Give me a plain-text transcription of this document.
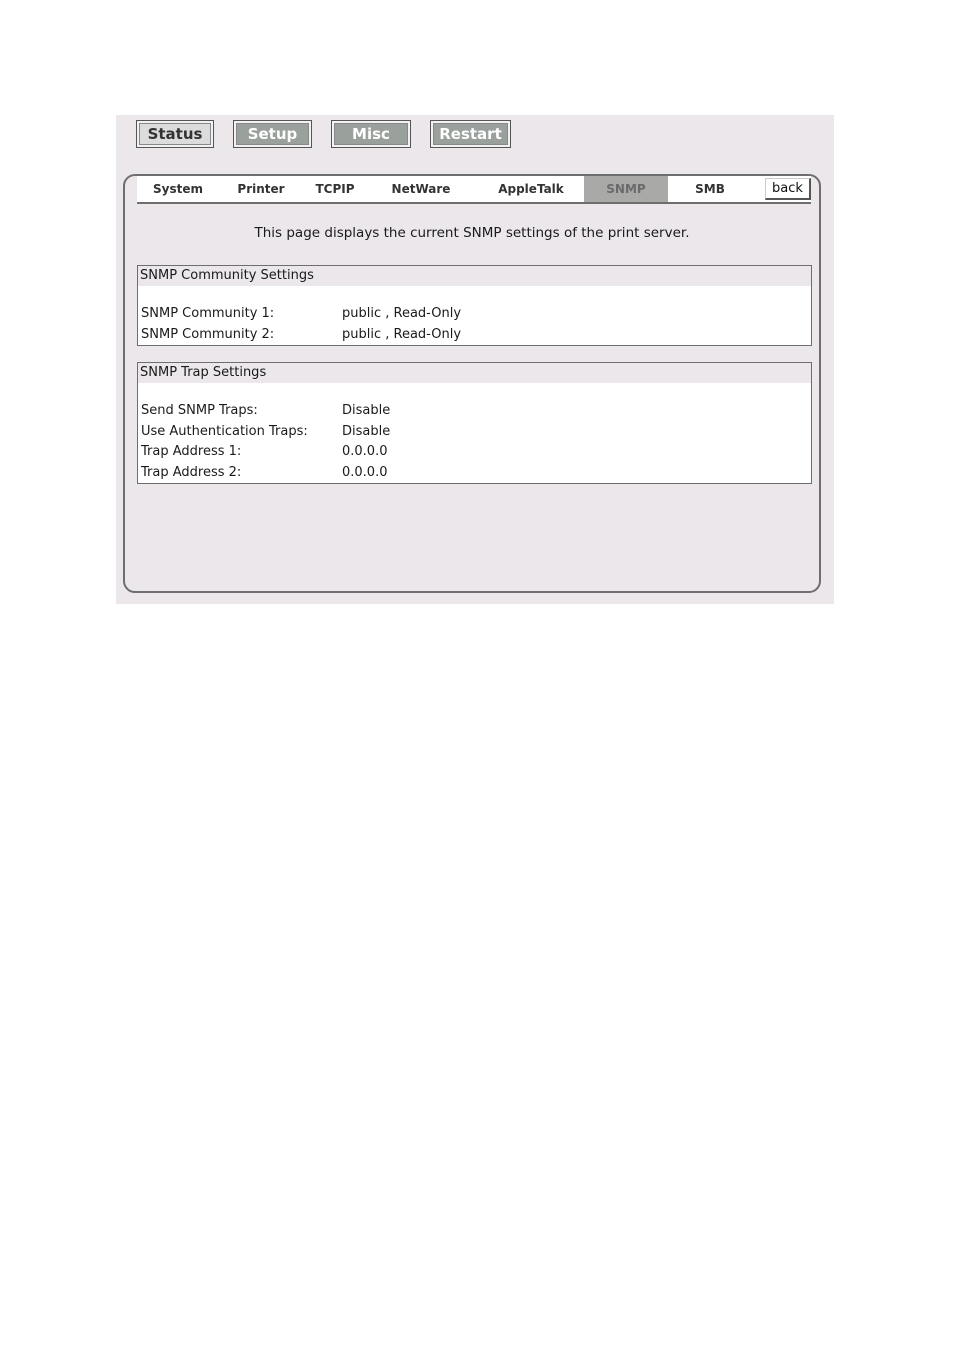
Status	Setup	Misc	Restart
System	Printer	TCPIP	NetWare	AppleTalk	SNMP	SMB	back
This page displays the current SNMP settings of the print server.
SNMP Community Settings
SNMP Community 1:	public , Read-Only
SNMP Community 2:	public , Read-Only
SNMP Trap Settings
Send SNMP Traps:	Disable
Use Authentication Traps:	Disable
Trap Address 1:	0.0.0.0
Trap Address 2:	0.0.0.0
